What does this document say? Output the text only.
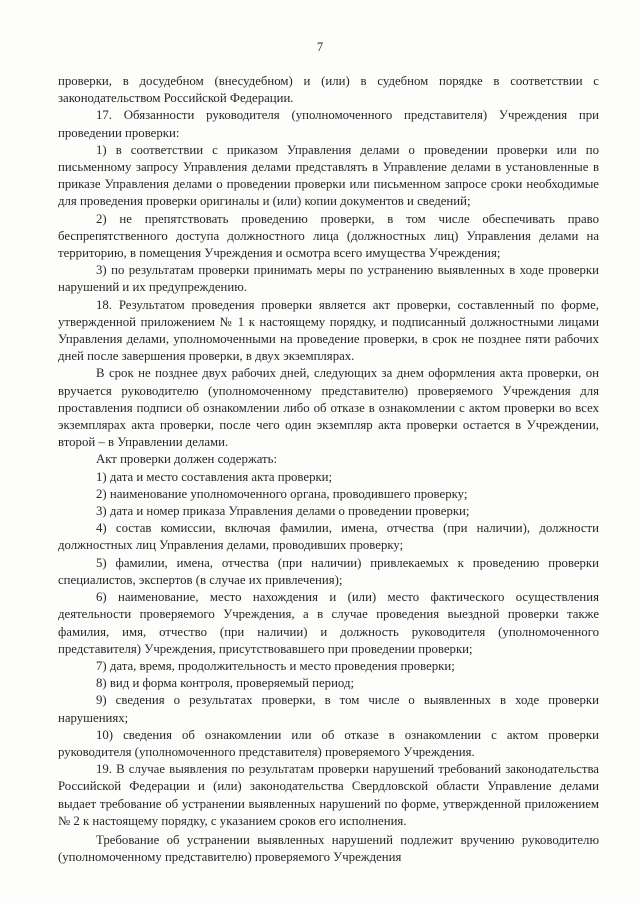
7

проверки, в досудебном (внесудебном) и (или) в судебном порядке в соответствии с законодательством Российской Федерации.

17. Обязанности руководителя (уполномоченного представителя) Учреждения при проведении проверки:

1) в соответствии с приказом Управления делами о проведении проверки или по письменному запросу Управления делами представлять в Управление делами в установленные в приказе Управления делами о проведении проверки или письменном запросе сроки необходимые для проведения проверки оригиналы и (или) копии документов и сведений;

2) не препятствовать проведению проверки, в том числе обеспечивать право беспрепятственного доступа должностного лица (должностных лиц) Управления делами на территорию, в помещения Учреждения и осмотра всего имущества Учреждения;

3) по результатам проверки принимать меры по устранению выявленных в ходе проверки нарушений и их предупреждению.

18. Результатом проведения проверки является акт проверки, составленный по форме, утвержденной приложением № 1 к настоящему порядку, и подписанный должностными лицами Управления делами, уполномоченными на проведение проверки, в срок не позднее пяти рабочих дней после завершения проверки, в двух экземплярах.

В срок не позднее двух рабочих дней, следующих за днем оформления акта проверки, он вручается руководителю (уполномоченному представителю) проверяемого Учреждения для проставления подписи об ознакомлении либо об отказе в ознакомлении с актом проверки во всех экземплярах акта проверки, после чего один экземпляр акта проверки остается в Учреждении, второй – в Управлении делами.

Акт проверки должен содержать:

1) дата и место составления акта проверки;

2) наименование уполномоченного органа, проводившего проверку;

3) дата и номер приказа Управления делами о проведении проверки;

4) состав комиссии, включая фамилии, имена, отчества (при наличии), должности должностных лиц Управления делами, проводивших проверку;

5) фамилии, имена, отчества (при наличии) привлекаемых к проведению проверки специалистов, экспертов (в случае их привлечения);

6) наименование, место нахождения и (или) место фактического осуществления деятельности проверяемого Учреждения, а в случае проведения выездной проверки также фамилия, имя, отчество (при наличии) и должность руководителя (уполномоченного представителя) Учреждения, присутствовавшего при проведении проверки;

7) дата, время, продолжительность и место проведения проверки;

8) вид и форма контроля, проверяемый период;

9) сведения о результатах проверки, в том числе о выявленных в ходе проверки нарушениях;

10) сведения об ознакомлении или об отказе в ознакомлении с актом проверки руководителя (уполномоченного представителя) проверяемого Учреждения.

19. В случае выявления по результатам проверки нарушений требований законодательства Российской Федерации и (или) законодательства Свердловской области Управление делами выдает требование об устранении выявленных нарушений по форме, утвержденной приложением № 2 к настоящему порядку, с указанием сроков его исполнения.

Требование об устранении выявленных нарушений подлежит вручению руководителю (уполномоченному представителю) проверяемого Учреждения
